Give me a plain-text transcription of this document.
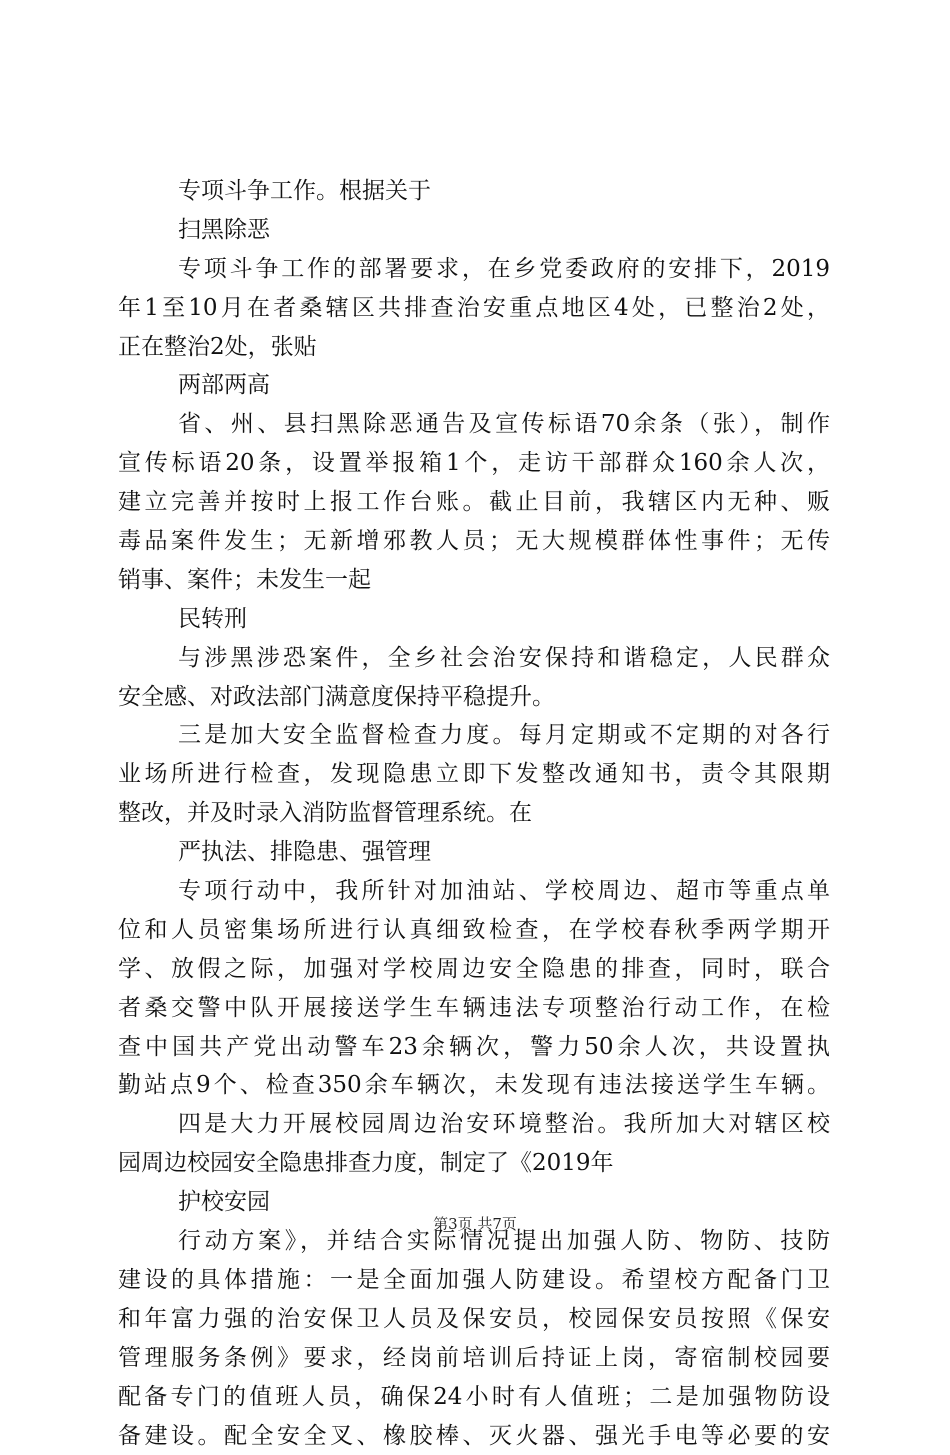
专项斗争工作。根据关于
扫黑除恶
专项斗争工作的部署要求，在乡党委政府的安排下，2019
年1至10月在者桑辖区共排查治安重点地区4处，已整治2处，
正在整治2处，张贴
两部两高
省、州、县扫黑除恶通告及宣传标语70余条（张），制作
宣传标语20条，设置举报箱1个，走访干部群众160余人次，
建立完善并按时上报工作台账。截止目前，我辖区内无种、贩
毒品案件发生；无新增邪教人员；无大规模群体性事件；无传
销事、案件；未发生一起
民转刑
与涉黑涉恐案件，全乡社会治安保持和谐稳定，人民群众
安全感、对政法部门满意度保持平稳提升。
三是加大安全监督检查力度。每月定期或不定期的对各行
业场所进行检查，发现隐患立即下发整改通知书，责令其限期
整改，并及时录入消防监督管理系统。在
严执法、排隐患、强管理
专项行动中，我所针对加油站、学校周边、超市等重点单
位和人员密集场所进行认真细致检查，在学校春秋季两学期开
学、放假之际，加强对学校周边安全隐患的排查，同时，联合
者桑交警中队开展接送学生车辆违法专项整治行动工作，在检
查中国共产党出动警车23余辆次，警力50余人次，共设置执
勤站点9个、检查350余车辆次，未发现有违法接送学生车辆。
四是大力开展校园周边治安环境整治。我所加大对辖区校
园周边校园安全隐患排查力度，制定了《2019年
护校安园
行动方案》，并结合实际情况提出加强人防、物防、技防
建设的具体措施：一是全面加强人防建设。希望校方配备门卫
和年富力强的治安保卫人员及保安员，校园保安员按照《保安
管理服务条例》要求，经岗前培训后持证上岗，寄宿制校园要
配备专门的值班人员，确保24小时有人值班；二是加强物防设
备建设。配全安全叉、橡胶棒、灭火器、强光手电等必要的安
第3页 共7页
